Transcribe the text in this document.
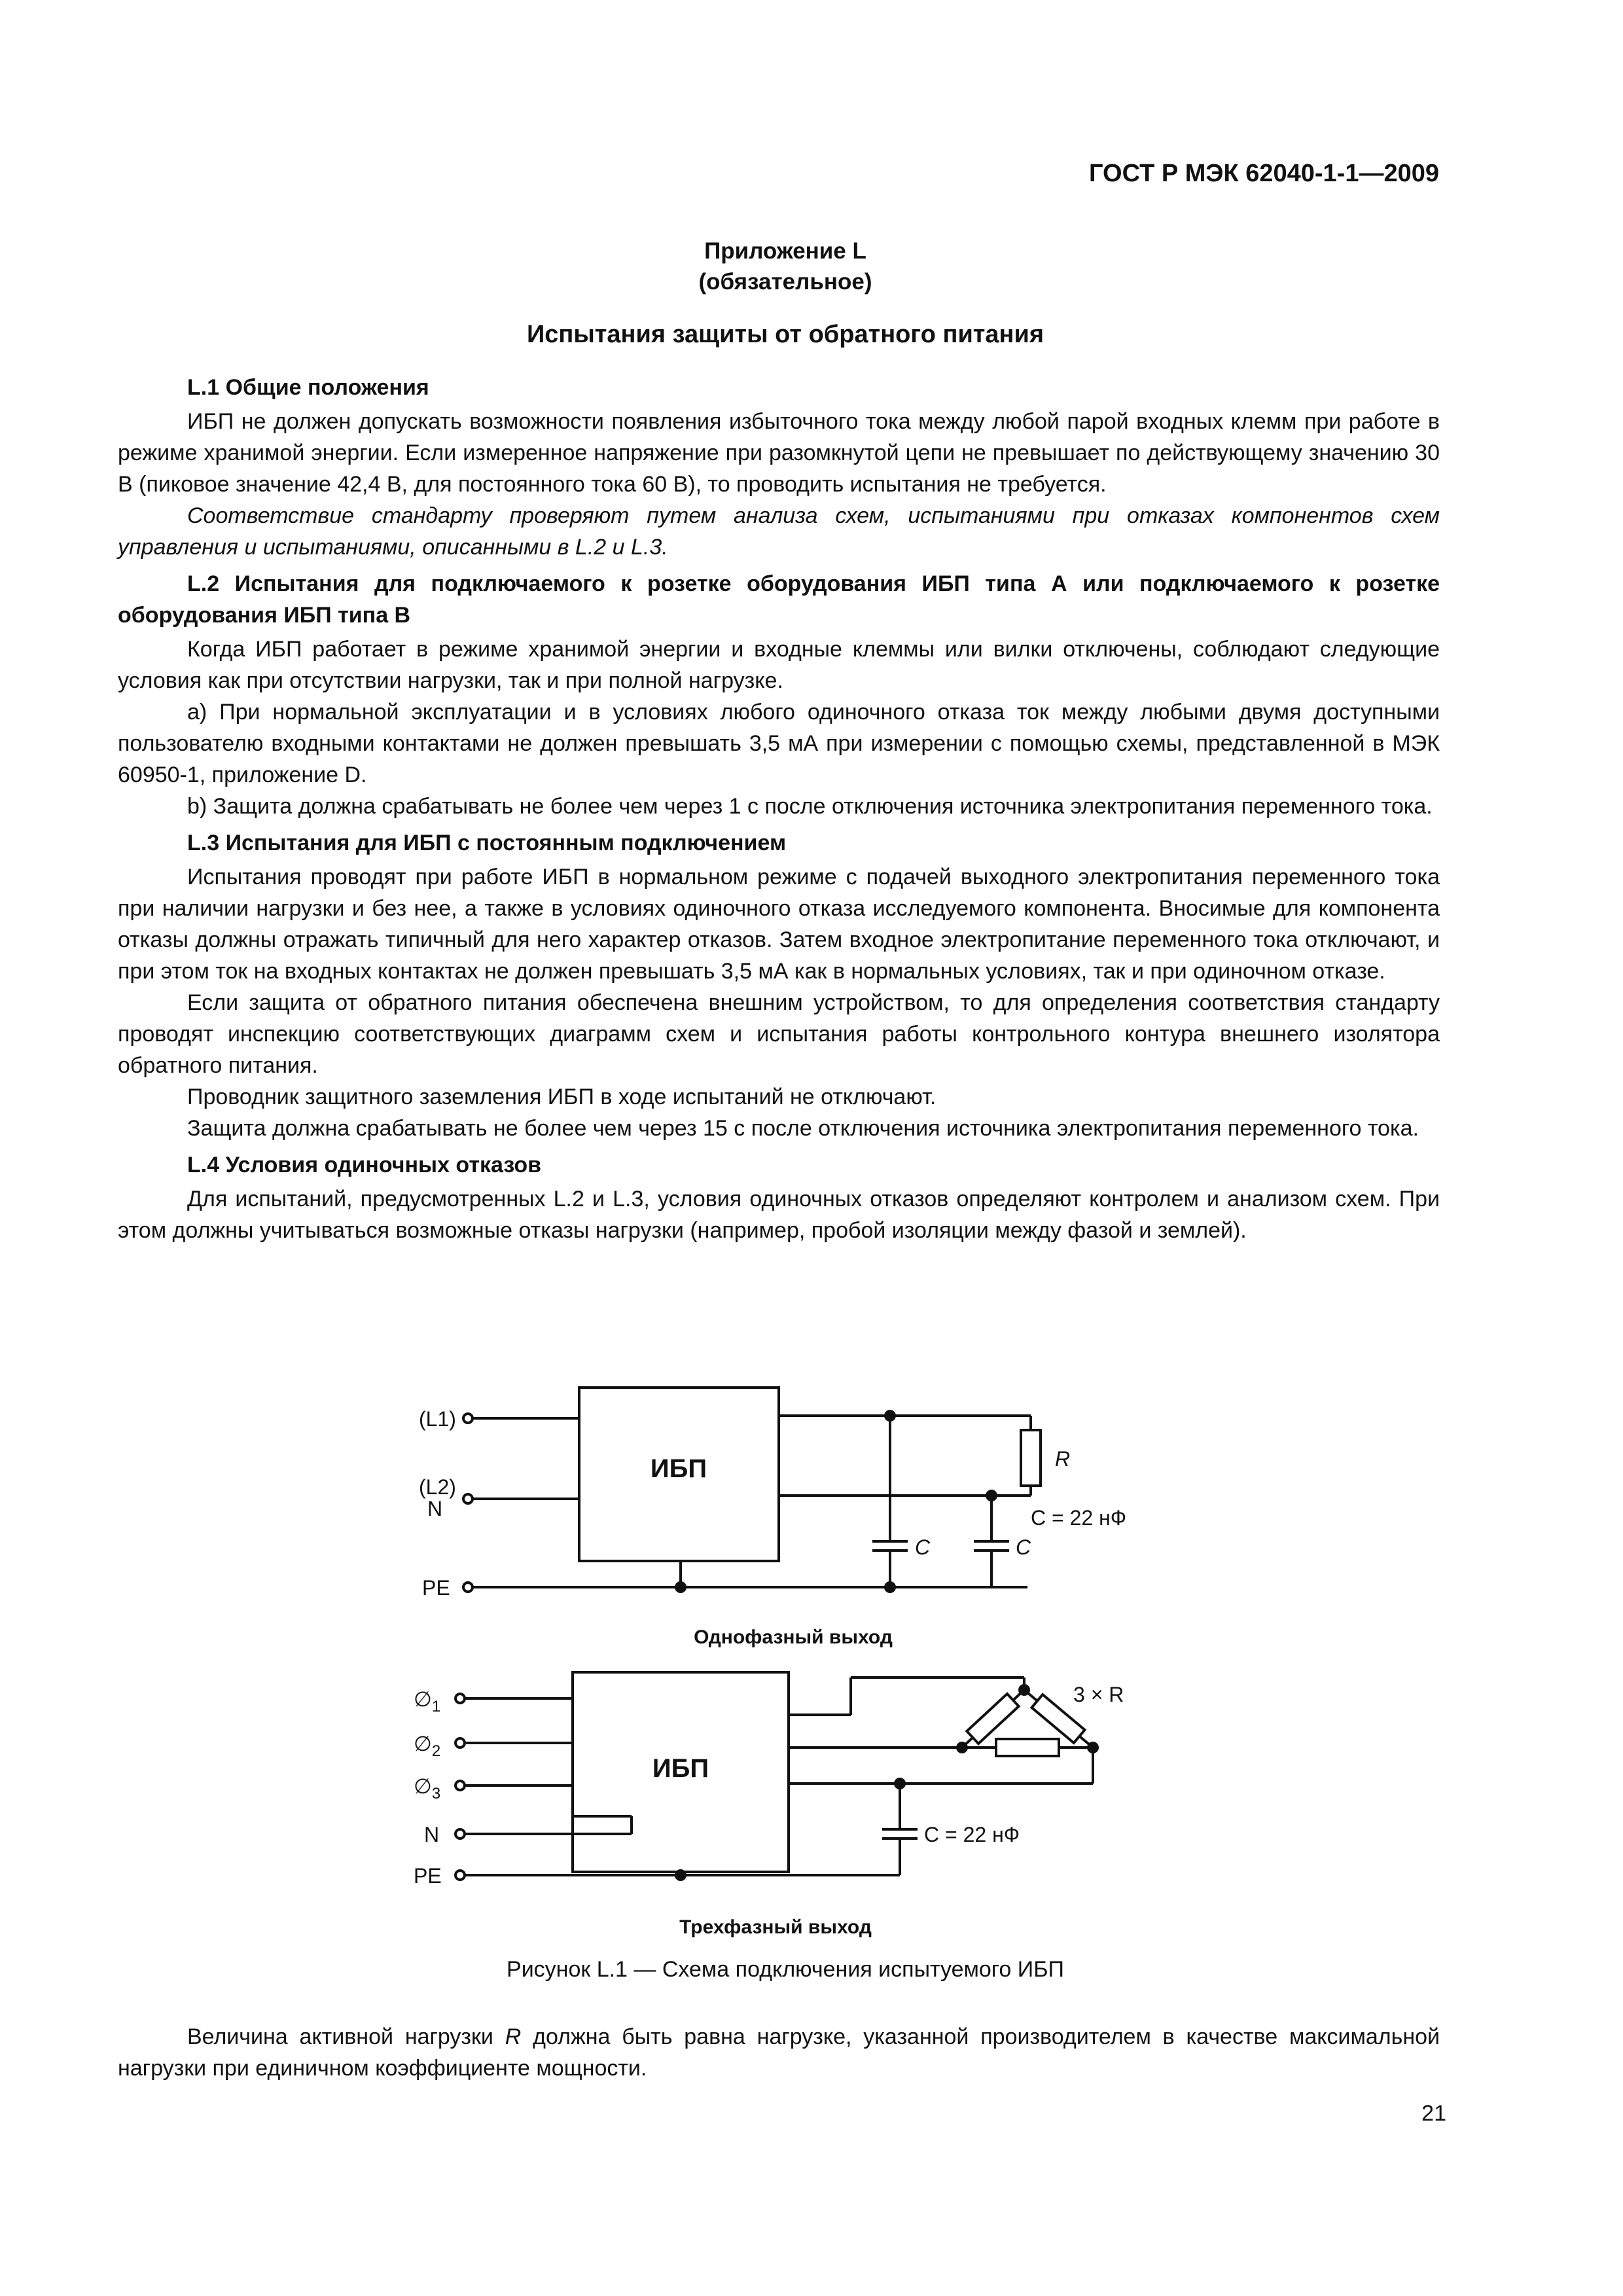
ГОСТ Р МЭК 62040-1-1—2009
Приложение L
(обязательное)
Испытания защиты от обратного питания

L.1 Общие положения

ИБП не должен допускать возможности появления избыточного тока между любой парой входных клемм при работе в режиме хранимой энергии. Если измеренное напряжение при разомкнутой цепи не превышает по действующему значению 30 В (пиковое значение 42,4 В, для постоянного тока 60 В), то проводить испытания не требуется.

Соответствие стандарту проверяют путем анализа схем, испытаниями при отказах компонентов схем управления и испытаниями, описанными в L.2 и L.3.

L.2 Испытания для подключаемого к розетке оборудования ИБП типа А или подключаемого к розетке оборудования ИБП типа В

Когда ИБП работает в режиме хранимой энергии и входные клеммы или вилки отключены, соблюдают следующие условия как при отсутствии нагрузки, так и при полной нагрузке.

а) При нормальной эксплуатации и в условиях любого одиночного отказа ток между любыми двумя доступными пользователю входными контактами не должен превышать 3,5 мА при измерении с помощью схемы, представленной в МЭК 60950-1, приложение D.

b) Защита должна срабатывать не более чем через 1 с после отключения источника электропитания переменного тока.

L.3 Испытания для ИБП с постоянным подключением

Испытания проводят при работе ИБП в нормальном режиме с подачей выходного электропитания переменного тока при наличии нагрузки и без нее, а также в условиях одиночного отказа исследуемого компонента. Вносимые для компонента отказы должны отражать типичный для него характер отказов. Затем входное электропитание переменного тока отключают, и при этом ток на входных контактах не должен превышать 3,5 мА как в нормальных условиях, так и при одиночном отказе.

Если защита от обратного питания обеспечена внешним устройством, то для определения соответствия стандарту проводят инспекцию соответствующих диаграмм схем и испытания работы контрольного контура внешнего изолятора обратного питания.

Проводник защитного заземления ИБП в ходе испытаний не отключают.

Защита должна срабатывать не более чем через 15 с после отключения источника электропитания переменного тока.

L.4 Условия одиночных отказов

Для испытаний, предусмотренных L.2 и L.3, условия одиночных отказов определяют контролем и анализом схем. При этом должны учитываться возможные отказы нагрузки (например, пробой изоляции между фазой и землей).

(L1)
(L2)
N
PE
ИБП	R
C = 22 нФ
C	C
Однофазный выход
$\emptyset_1$
$\emptyset_2$
$\emptyset_3$
N
PE
ИБП
3 × R
C = 22 нФ
Трехфазный выход
Рисунок L.1 — Схема подключения испытуемого ИБП

Величина активной нагрузки R должна быть равна нагрузке, указанной производителем в качестве максимальной нагрузки при единичном коэффициенте мощности.

21
